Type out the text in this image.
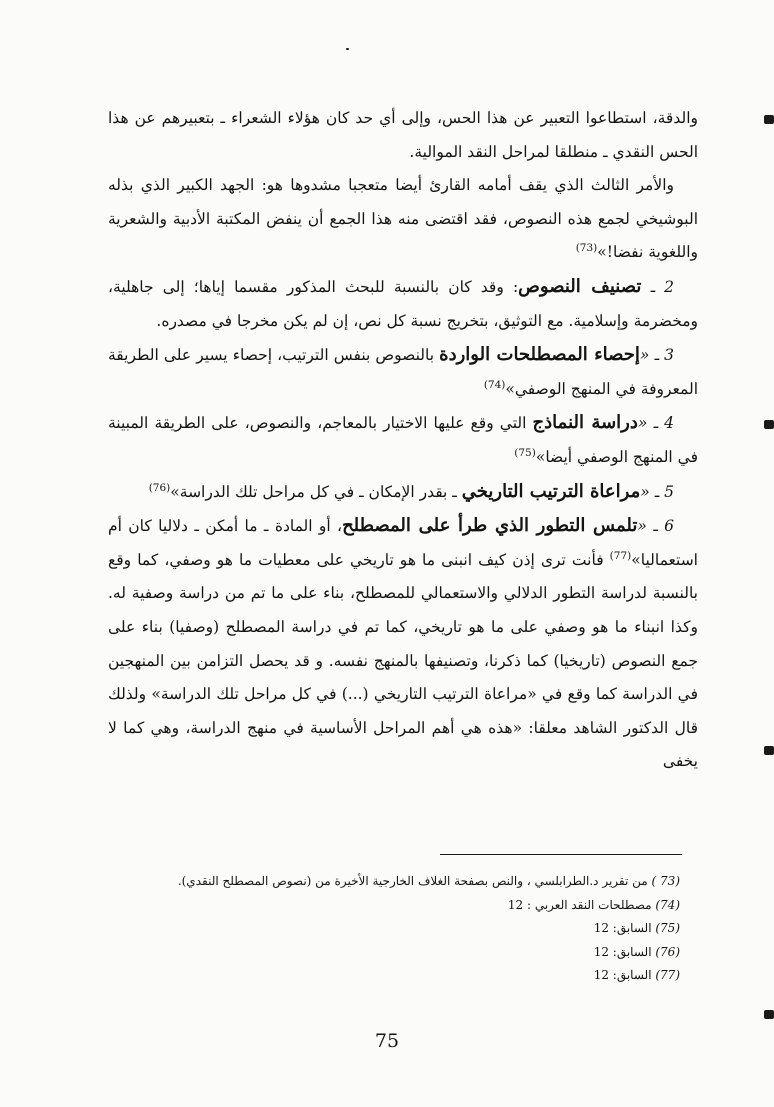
والدقة، استطاعوا التعبير عن هذا الحس، وإلى أي حد كان هؤلاء الشعراء ـ بتعبيرهم عن هذا الحس النقدي ـ منطلقا لمراحل النقد الموالية.

والأمر الثالث الذي يقف أمامه القارئ أيضا متعجبا مشدوها هو: الجهد الكبير الذي بذله البوشيخي لجمع هذه النصوص، فقد اقتضى منه هذا الجمع أن ينفض المكتبة الأدبية والشعرية واللغوية نفضا!»$^{(73)}$

2 ـ تصنيف النصوص: وقد كان بالنسبة للبحث المذكور مقسما إياها؛ إلى جاهلية، ومخضرمة وإسلامية. مع التوثيق، بتخريج نسبة كل نص، إن لم يكن مخرجا في مصدره.

3 ـ «إحصاء المصطلحات الواردة بالنصوص بنفس الترتيب، إحصاء يسير على الطريقة المعروفة في المنهج الوصفي»$^{(74)}$

4 ـ «دراسة النماذج التي وقع عليها الاختيار بالمعاجم، والنصوص، على الطريقة المبينة في المنهج الوصفي أيضا»$^{(75)}$

5 ـ «مراعاة الترتيب التاريخي ـ بقدر الإمكان ـ في كل مراحل تلك الدراسة»$^{(76)}$

6 ـ «تلمس التطور الذي طرأ على المصطلح، أو المادة ـ ما أمكن ـ دلاليا كان أم استعماليا»$^{(77)}$ فأنت ترى إذن كيف انبنى ما هو تاريخي على معطيات ما هو وصفي، كما وقع بالنسبة لدراسة التطور الدلالي والاستعمالي للمصطلح، بناء على ما تم من دراسة وصفية له. وكذا انبناء ما هو وصفي على ما هو تاريخي، كما تم في دراسة المصطلح (وصفيا) بناء على جمع النصوص (تاريخيا) كما ذكرنا، وتصنيفها بالمنهج نفسه. و قد يحصل التزامن بين المنهجين في الدراسة كما وقع في «مراعاة الترتيب التاريخي (...) في كل مراحل تلك الدراسة» ولذلك قال الدكتور الشاهد معلقا: «هذه هي أهم المراحل الأساسية في منهج الدراسة، وهي كما لا يخفى

(73 ) من تقرير د.الطرابلسي ، والنص بصفحة الغلاف الخارجية الأخيرة من (نصوص المصطلح النقدي).

(74) مصطلحات النقد العربي : 12

(75) السابق: 12

(76) السابق: 12

(77) السابق: 12

75
